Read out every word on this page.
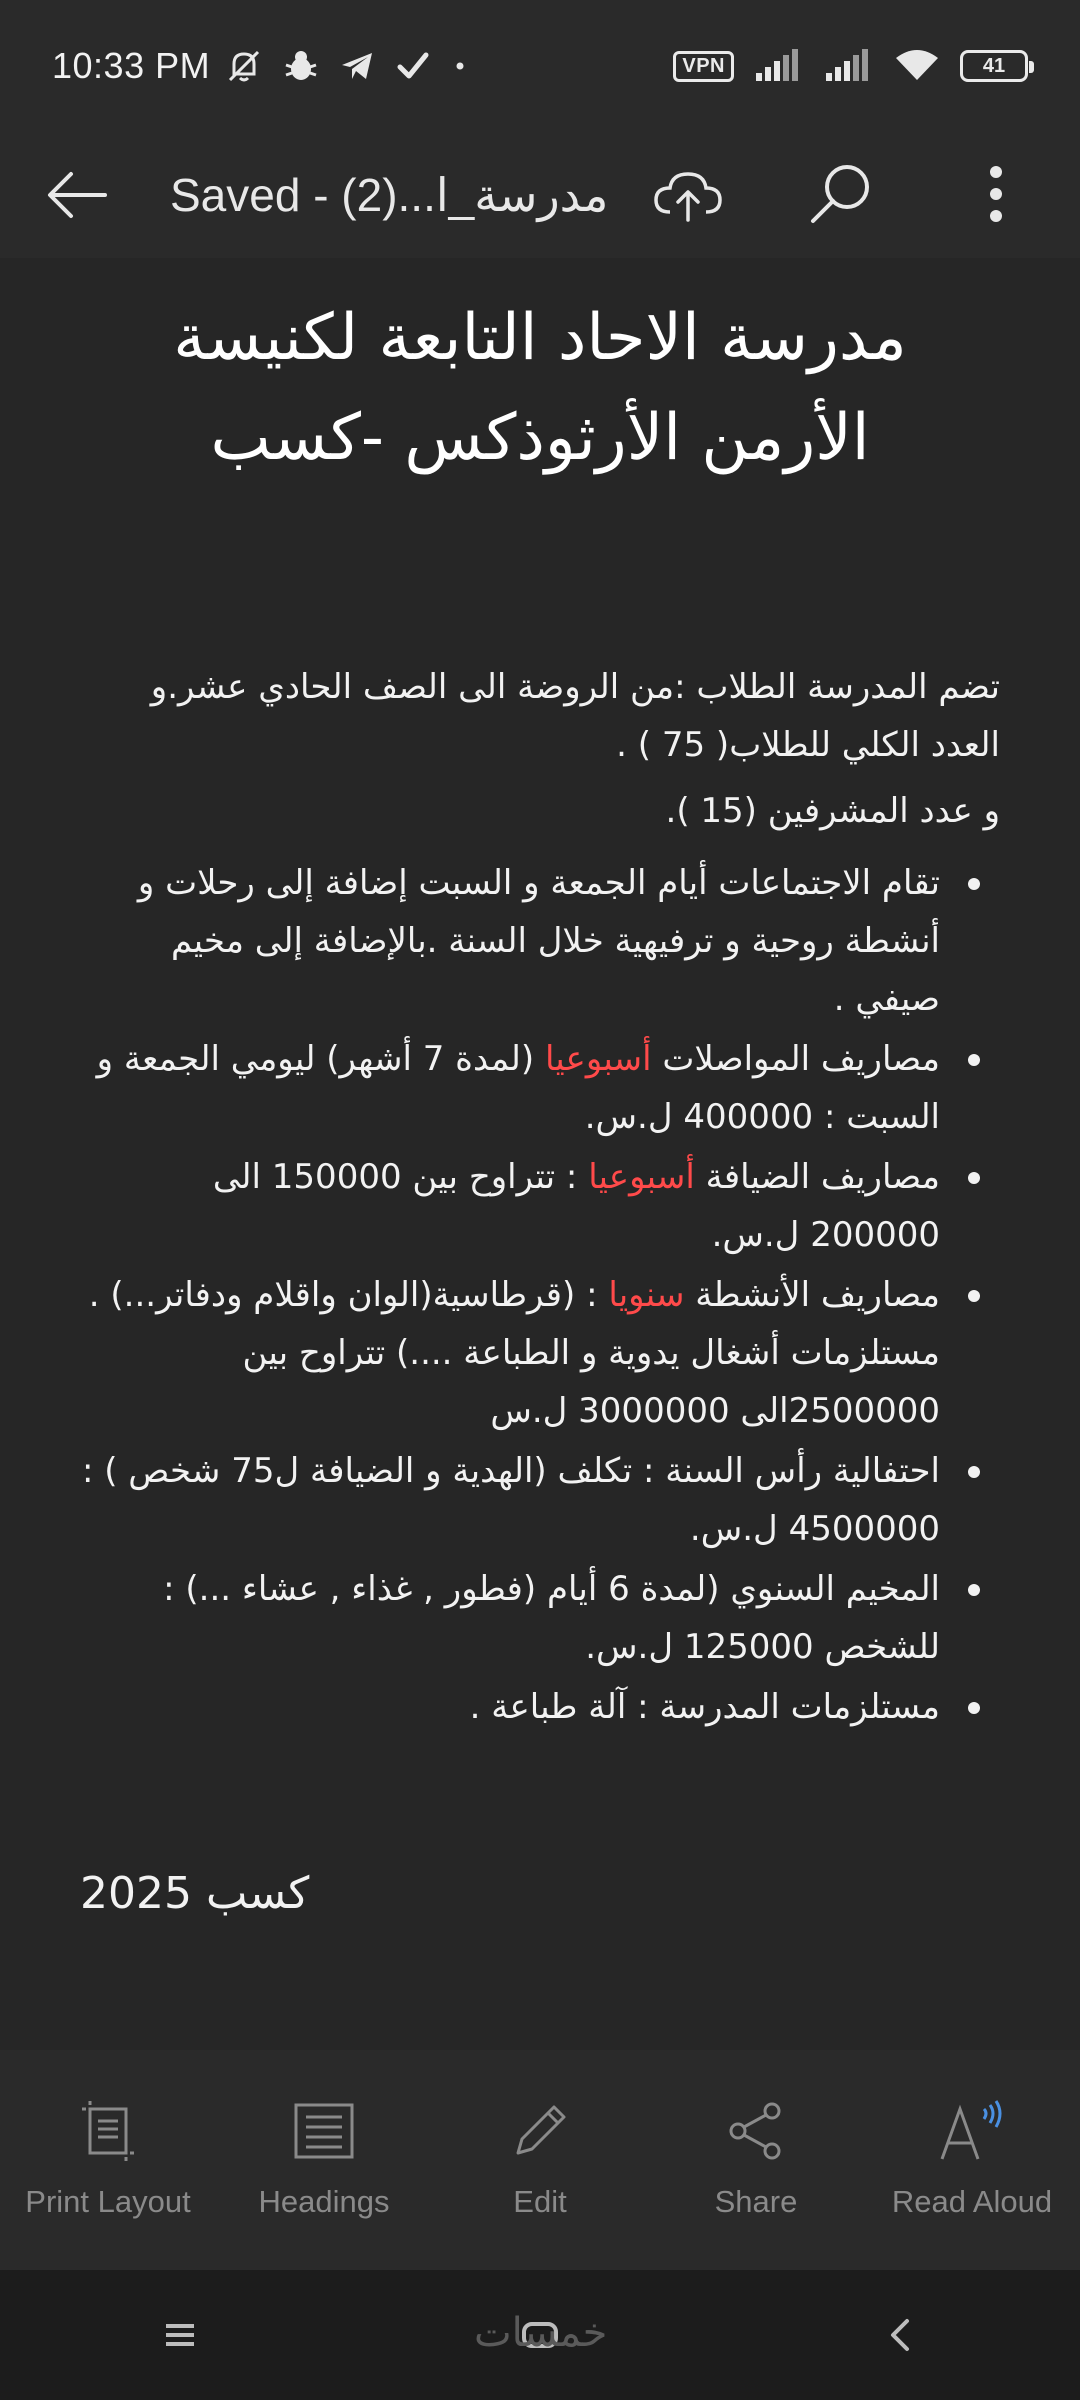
10:33 PM	VPN	41
Saved - (2)...مدرسة_ا
مدرسة الاحاد التابعة لكنيسة
الأرمن الأرثوذكس -كسب

تضم المدرسة الطلاب :من الروضة الى الصف الحادي عشر.و العدد الكلي للطلاب( 75 ) .

و عدد المشرفين (15 ).

تقام الاجتماعات أيام الجمعة و السبت إضافة إلى رحلات و أنشطة روحية و ترفيهية خلال السنة .بالإضافة إلى مخيم صيفي .
مصاريف المواصلات أسبوعيا (لمدة 7 أشهر) ليومي الجمعة و السبت : 400000 ل.س.
مصاريف الضيافة أسبوعيا : تتراوح بين 150000 الى 200000 ل.س.
مصاريف الأنشطة سنويا : (قرطاسية(الوان واقلام ودفاتر...) . مستلزمات أشغال يدوية و الطباعة ....) تتراوح بين 2500000الى 3000000 ل.س
احتفالية رأس السنة : تكلف (الهدية و الضيافة ل75 شخص ) : 4500000 ل.س.
المخيم السنوي (لمدة 6 أيام (فطور , غذاء , عشاء ...) : للشخص 125000 ل.س.
مستلزمات المدرسة : آلة طباعة .
كسب 2025
Print Layout Headings	Edit	Share	Read Aloud
خمسات
